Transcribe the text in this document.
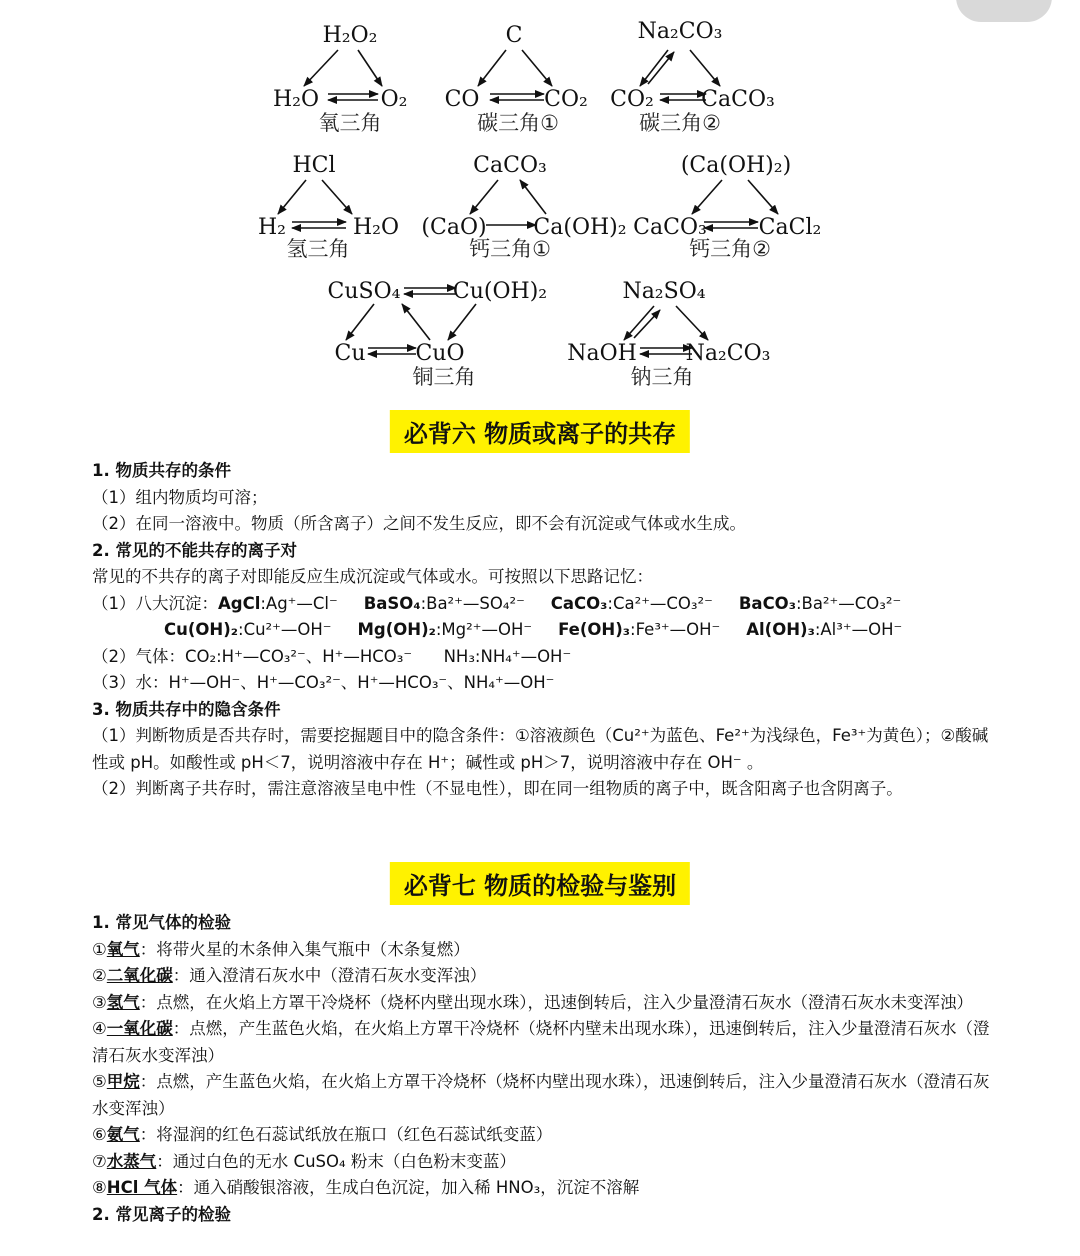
H₂O₂
H₂O	O₂
氧三角
C
CO	CO₂
碳三角①
Na₂CO₃
CO₂ CaCO₃
碳三角②
HCl
H₂	H₂O
氢三角
CaCO₃
(CaO) Ca(OH)₂
钙三角①
(Ca(OH)₂)
CaCO₃ CaCl₂
钙三角②
CuSO₄ Cu(OH)₂
Cu CuO
铜三角
Na₂SO₄
NaOH Na₂CO₃
钠三角
必背六 物质或离子的共存
1. 物质共存的条件
（1）组内物质均可溶；
（2）在同一溶液中。物质（所含离子）之间不发生反应，即不会有沉淀或气体或水生成。
2. 常见的不能共存的离子对
常见的不共存的离子对即能反应生成沉淀或气体或水。可按照以下思路记忆：
（1）八大沉淀：AgCl:Ag⁺—Cl⁻ BaSO₄:Ba²⁺—SO₄²⁻ CaCO₃:Ca²⁺—CO₃²⁻ BaCO₃:Ba²⁺—CO₃²⁻
Cu(OH)₂:Cu²⁺—OH⁻ Mg(OH)₂:Mg²⁺—OH⁻ Fe(OH)₃:Fe³⁺—OH⁻ Al(OH)₃:Al³⁺—OH⁻
（2）气体：CO₂:H⁺—CO₃²⁻、H⁺—HCO₃⁻      NH₃:NH₄⁺—OH⁻
（3）水：H⁺—OH⁻、H⁺—CO₃²⁻、H⁺—HCO₃⁻、NH₄⁺—OH⁻
3. 物质共存中的隐含条件
（1）判断物质是否共存时，需要挖掘题目中的隐含条件：①溶液颜色（Cu²⁺为蓝色、Fe²⁺为浅绿色，Fe³⁺为黄色）；②酸碱性或 pH。如酸性或 pH＜7，说明溶液中存在 H⁺；碱性或 pH＞7，说明溶液中存在 OH⁻ 。
（2）判断离子共存时，需注意溶液呈电中性（不显电性），即在同一组物质的离子中，既含阳离子也含阴离子。
必背七 物质的检验与鉴别
1. 常见气体的检验
①氧气：将带火星的木条伸入集气瓶中（木条复燃）
②二氧化碳：通入澄清石灰水中（澄清石灰水变浑浊）
③氢气：点燃，在火焰上方罩干冷烧杯（烧杯内壁出现水珠），迅速倒转后，注入少量澄清石灰水（澄清石灰水未变浑浊）
④一氧化碳：点燃，产生蓝色火焰，在火焰上方罩干冷烧杯（烧杯内壁未出现水珠），迅速倒转后，注入少量澄清石灰水（澄清石灰水变浑浊）
⑤甲烷：点燃，产生蓝色火焰，在火焰上方罩干冷烧杯（烧杯内壁出现水珠），迅速倒转后，注入少量澄清石灰水（澄清石灰水变浑浊）
⑥氨气：将湿润的红色石蕊试纸放在瓶口（红色石蕊试纸变蓝）
⑦水蒸气：通过白色的无水 CuSO₄ 粉末（白色粉末变蓝）
⑧HCl 气体：通入硝酸银溶液，生成白色沉淀，加入稀 HNO₃，沉淀不溶解
2. 常见离子的检验
